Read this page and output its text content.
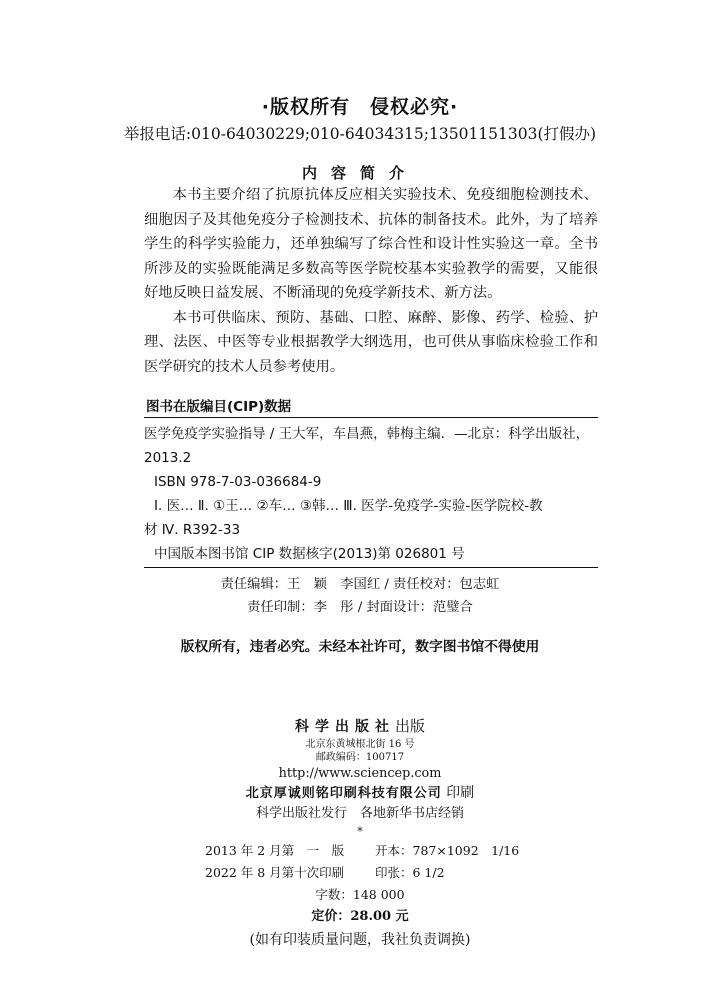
·版权所有　侵权必究·
举报电话:010-64030229;010-64034315;13501151303(打假办)
内容简介

本书主要介绍了抗原抗体反应相关实验技术、免疫细胞检测技术、细胞因子及其他免疫分子检测技术、抗体的制备技术。此外，为了培养学生的科学实验能力，还单独编写了综合性和设计性实验这一章。全书所涉及的实验既能满足多数高等医学院校基本实验教学的需要，又能很好地反映日益发展、不断涌现的免疫学新技术、新方法。

本书可供临床、预防、基础、口腔、麻醉、影像、药学、检验、护理、法医、中医等专业根据教学大纲选用，也可供从事临床检验工作和医学研究的技术人员参考使用。

图书在版编目(CIP)数据
医学免疫学实验指导 / 王大军，车昌燕，韩梅主编．—北京：科学出版社，
2013.2
ISBN 978-7-03-036684-9
Ⅰ. 医… Ⅱ. ①王… ②车… ③韩… Ⅲ. 医学-免疫学-实验-医学院校-教
材 Ⅳ. R392-33
中国版本图书馆 CIP 数据核字(2013)第 026801 号
责任编辑：王　颖　李国红 / 责任校对：包志虹
责任印制：李　彤 / 封面设计：范璧合
版权所有，违者必究。未经本社许可，数字图书馆不得使用
科学出版社出版
北京东黄城根北街 16 号
邮政编码：100717
http://www.sciencep.com
北京厚诚则铭印刷科技有限公司 印刷
科学出版社发行　各地新华书店经销
*
2013 年 2 月第　一　版 开本：787×1092　1/16
2022 年 8 月第十次印刷 印张：6 1/2
字数：148 000
定价：28.00 元
(如有印装质量问题，我社负责调换)
